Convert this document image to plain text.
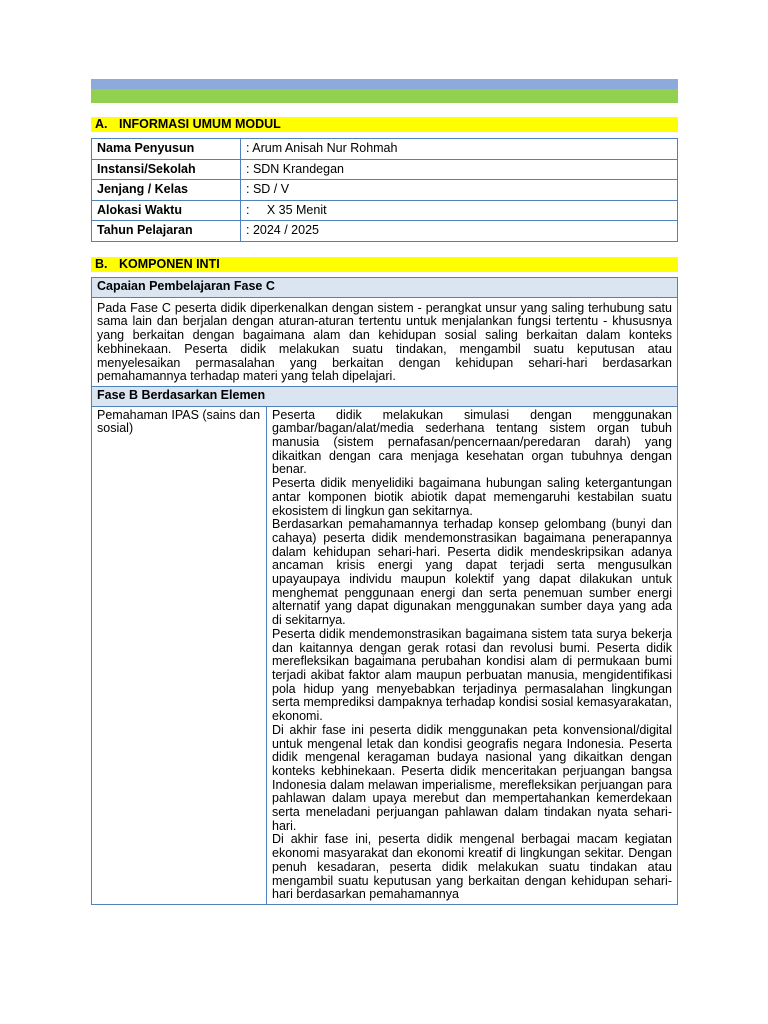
A. INFORMASI UMUM MODUL
Nama Penyusun	: Arum Anisah Nur Rohmah
Instansi/Sekolah	: SDN Krandegan
Jenjang / Kelas	: SD / V
Alokasi Waktu	:     X 35 Menit
Tahun Pelajaran	: 2024 / 2025
B. KOMPONEN INTI
Capaian Pembelajaran Fase C
Pada Fase C peserta didik diperkenalkan dengan sistem - perangkat unsur yang saling terhubung satu sama lain dan berjalan dengan aturan-aturan tertentu untuk menjalankan fungsi tertentu - khususnya yang berkaitan dengan bagaimana alam dan kehidupan sosial saling berkaitan dalam konteks kebhinekaan. Peserta didik melakukan suatu tindakan, mengambil suatu keputusan atau menyelesaikan permasalahan yang berkaitan dengan kehidupan sehari-hari berdasarkan pemahamannya terhadap materi yang telah dipelajari.
Fase B Berdasarkan Elemen
Pemahaman IPAS (sains dan sosial)	

Peserta didik melakukan simulasi dengan menggunakan gambar/bagan/alat/media sederhana tentang sistem organ tubuh manusia (sistem pernafasan/pencernaan/peredaran darah) yang dikaitkan dengan cara menjaga kesehatan organ tubuhnya dengan benar.

Peserta didik menyelidiki bagaimana hubungan saling ketergantungan antar komponen biotik abiotik dapat memengaruhi kestabilan suatu ekosistem di lingkun gan sekitarnya.

Berdasarkan pemahamannya terhadap konsep gelombang (bunyi dan cahaya) peserta didik mendemonstrasikan bagaimana penerapannya dalam kehidupan sehari-hari. Peserta didik mendeskripsikan adanya ancaman krisis energi yang dapat terjadi serta mengusulkan upayaupaya individu maupun kolektif yang dapat dilakukan untuk menghemat penggunaan energi dan serta penemuan sumber energi alternatif yang dapat digunakan menggunakan sumber daya yang ada di sekitarnya.

Peserta didik mendemonstrasikan bagaimana sistem tata surya bekerja dan kaitannya dengan gerak rotasi dan revolusi bumi. Peserta didik merefleksikan bagaimana perubahan kondisi alam di permukaan bumi terjadi akibat faktor alam maupun perbuatan manusia, mengidentifikasi pola hidup yang menyebabkan terjadinya permasalahan lingkungan serta memprediksi dampaknya terhadap kondisi sosial kemasyarakatan, ekonomi.

Di akhir fase ini peserta didik menggunakan peta konvensional/digital untuk mengenal letak dan kondisi geografis negara Indonesia. Peserta didik mengenal keragaman budaya nasional yang dikaitkan dengan konteks kebhinekaan. Peserta didik menceritakan perjuangan bangsa Indonesia dalam melawan imperialisme, merefleksikan perjuangan para pahlawan dalam upaya merebut dan mempertahankan kemerdekaan serta meneladani perjuangan pahlawan dalam tindakan nyata sehari-hari.

Di akhir fase ini, peserta didik mengenal berbagai macam kegiatan ekonomi masyarakat dan ekonomi kreatif di lingkungan sekitar. Dengan penuh kesadaran, peserta didik melakukan suatu tindakan atau mengambil suatu keputusan yang berkaitan dengan kehidupan sehari-hari berdasarkan pemahamannya
